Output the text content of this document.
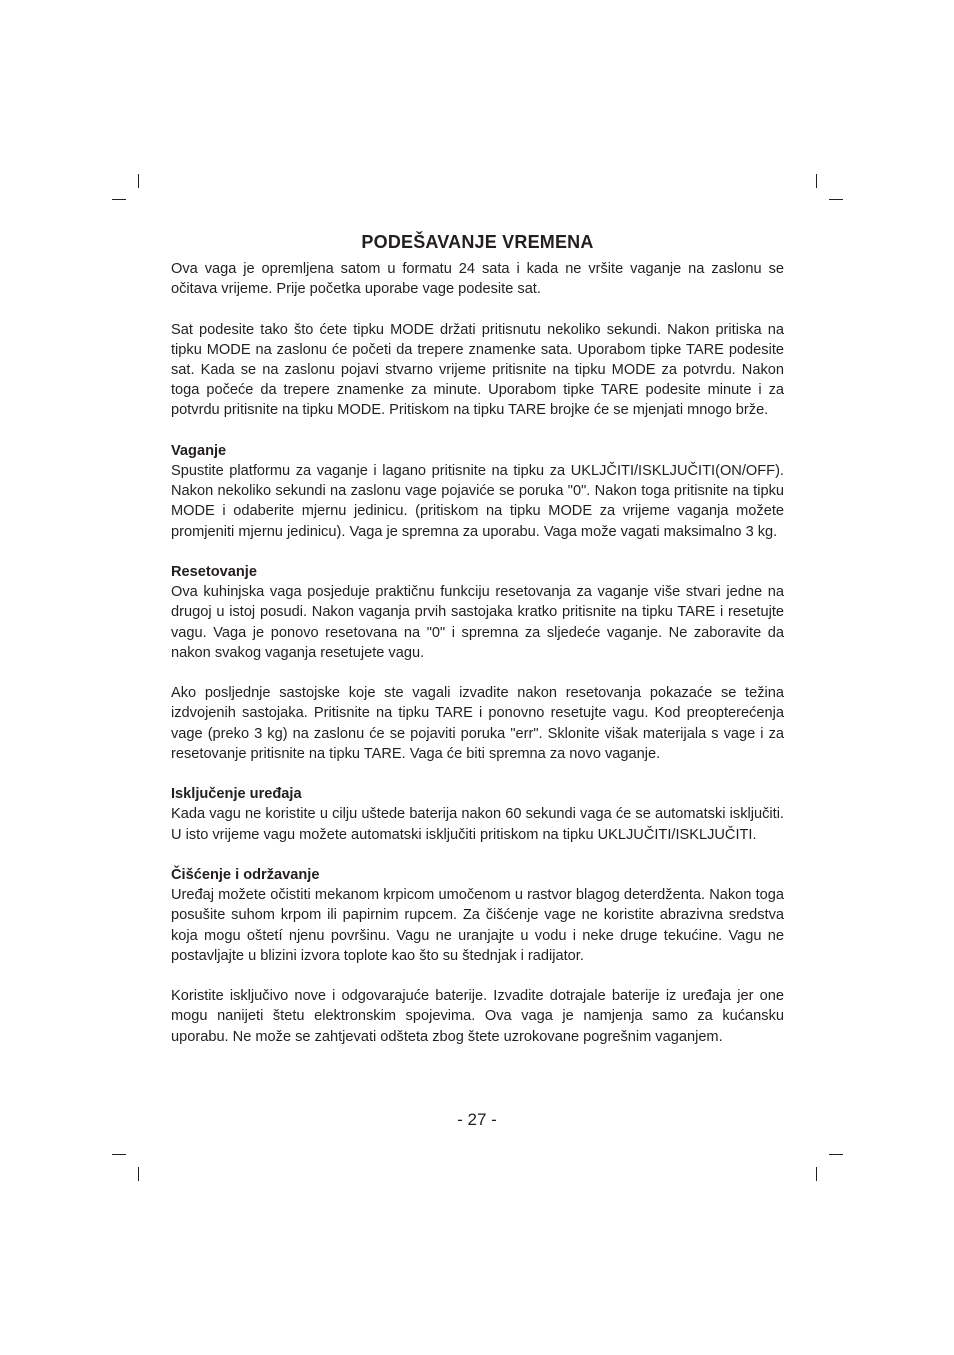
PODEŠAVANJE VREMENA

Ova vaga je opremljena satom u formatu 24 sata i kada ne vršite vaganje na zaslonu se očitava vrijeme. Prije početka uporabe vage podesite sat.

Sat podesite tako što ćete tipku MODE držati pritisnutu nekoliko sekundi. Nakon pritiska na tipku MODE na zaslonu će početi da trepere znamenke sata. Uporabom tipke TARE podesite sat. Kada se na zaslonu pojavi stvarno vrijeme pritisnite na tipku MODE za potvrdu. Nakon toga počeće da trepere znamenke za minute. Uporabom tipke TARE podesite minute i za potvrdu pritisnite na tipku MODE. Pritiskom na tipku TARE brojke će se mjenjati mnogo brže.

Vaganje

Spustite platformu za vaganje i lagano pritisnite na tipku za UKLJČITI/ISKLJUČITI(ON/OFF). Nakon nekoliko sekundi na zaslonu vage pojaviće se poruka "0". Nakon toga pritisnite na tipku MODE i odaberite mjernu jedinicu. (pritiskom na tipku MODE za vrijeme vaganja možete promjeniti mjernu jedinicu). Vaga je spremna za uporabu. Vaga može vagati maksimalno 3 kg.

Resetovanje

Ova kuhinjska vaga posjeduje praktičnu funkciju resetovanja za vaganje više stvari jedne na drugoj u istoj posudi. Nakon vaganja prvih sastojaka kratko pritisnite na tipku TARE i resetujte vagu. Vaga je ponovo resetovana na "0" i spremna za sljedeće vaganje. Ne zaboravite da nakon svakog vaganja resetujete vagu.

Ako posljednje sastojske koje ste vagali izvadite nakon resetovanja pokazaće se težina izdvojenih sastojaka. Pritisnite na tipku TARE i ponovno resetujte vagu. Kod preopterećenja vage (preko 3 kg) na zaslonu će se pojaviti poruka "err". Sklonite višak materijala s vage i za resetovanje pritisnite na tipku TARE. Vaga će biti spremna za novo vaganje.

Isključenje uređaja

Kada vagu ne koristite u cilju uštede baterija nakon 60 sekundi vaga će se automatski isključiti. U isto vrijeme vagu možete automatski isključiti pritiskom na tipku UKLJUČITI/ISKLJUČITI.

Čišćenje i održavanje

Uređaj možete očistiti mekanom krpicom umočenom u rastvor blagog deterdženta. Nakon toga posušite suhom krpom ili papirnim rupcem. Za čišćenje vage ne koristite abrazivna sredstva koja mogu oštetí njenu površinu. Vagu ne uranjajte u vodu i neke druge tekućine. Vagu ne postavljajte u blizini izvora toplote kao što su štednjak i radijator.

Koristite isključivo nove i odgovarajuće baterije. Izvadite dotrajale baterije iz uređaja jer one mogu nanijeti štetu elektronskim spojevima. Ova vaga je namjenja samo za kućansku uporabu. Ne može se zahtjevati odšteta zbog štete uzrokovane pogrešnim vaganjem.

- 27 -
